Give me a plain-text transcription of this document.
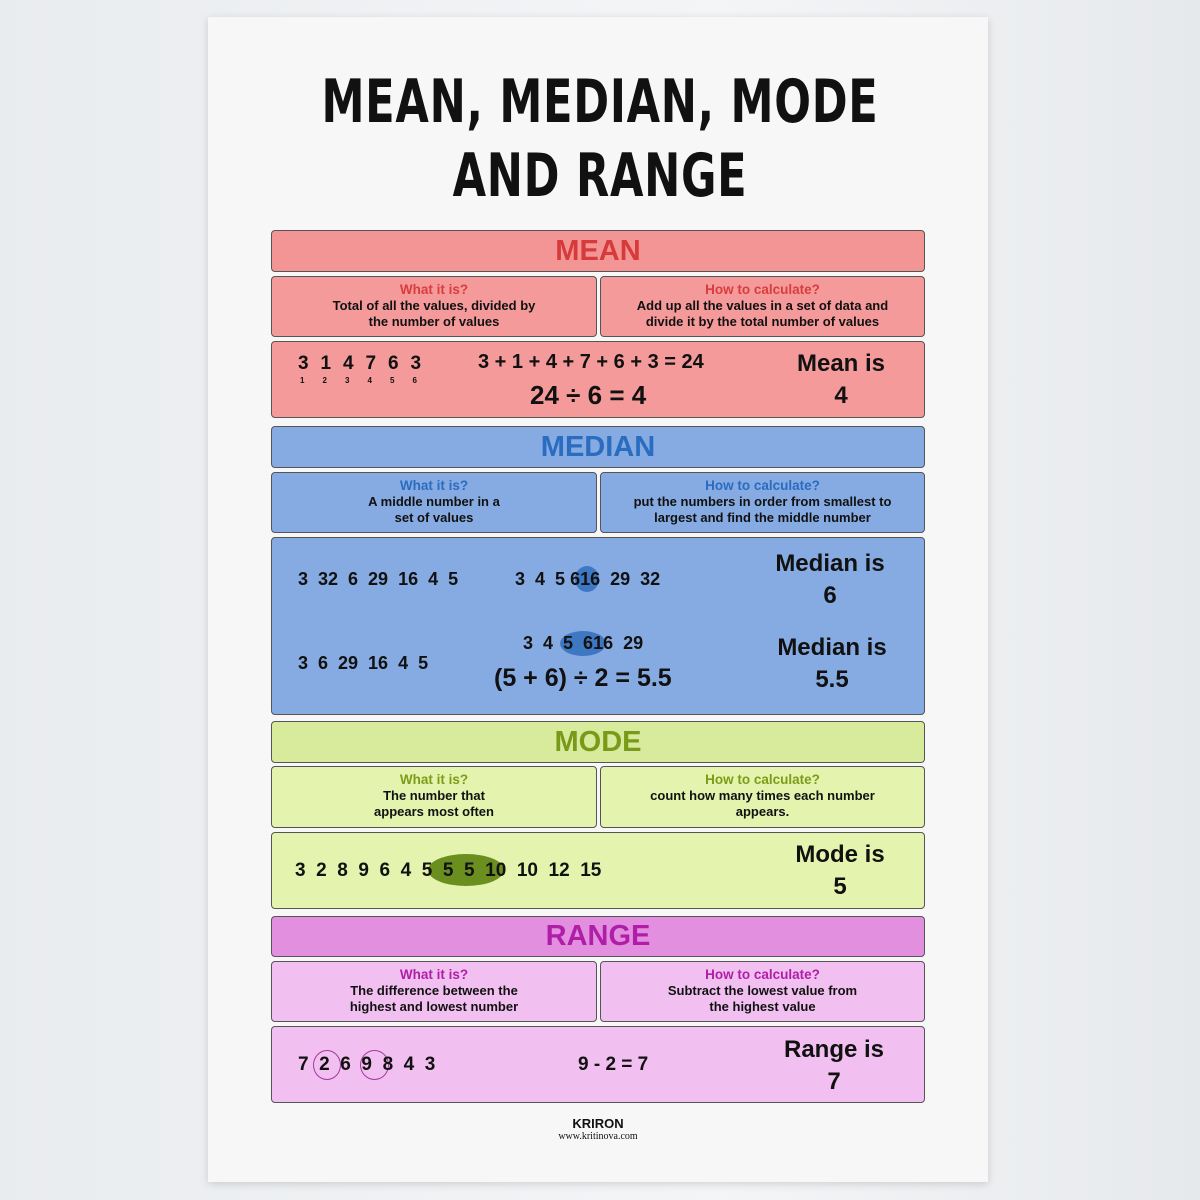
MEAN, MEDIAN, MODE
AND RANGE
MEAN
What it is?
Total of all the values, divided by
the number of values
How to calculate?
Add up all the values in a set of data and
divide it by the total number of values
3
1
1
2
4
3
7
4
6
5
3
6
3 + 1 + 4 + 7 + 6 + 3 = 24
24 ÷ 6 = 4
Mean is
4
MEDIAN
What it is?
A middle number in a
set of values
How to calculate?
put the numbers in order from smallest to
largest and find the middle number
3  32  6  29  16  4  5	3  4  5 616  29  32
Median is
6
3  6  29  16  4  5
3  4 5  616  29
(5 + 6) ÷ 2 = 5.5
Median is
5.5
MODE
What it is?
The number that
appears most often
How to calculate?
count how many times each number
appears.
3  2  8  9  6  4 5  5  5 10  10  12  15
Mode is
5
RANGE
What it is?
The difference between the
highest and lowest number
How to calculate?
Subtract the lowest value from
the highest value
7 2 6 9 8  4  3	9 - 2 = 7
Range is
7
KRIRON
www.kritinova.com
